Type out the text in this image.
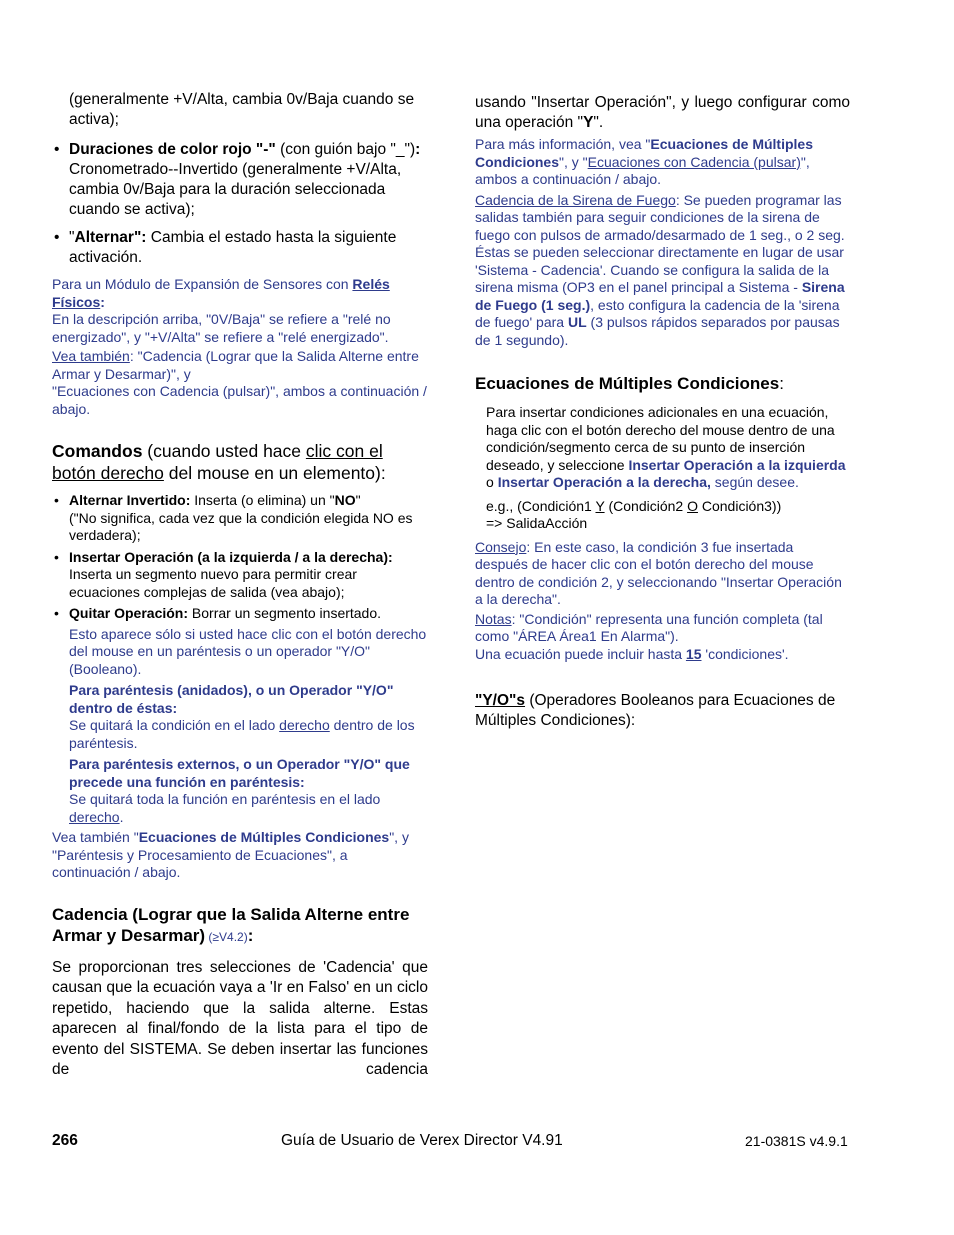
(generalmente +V/Alta, cambia 0v/Baja cuando se activa);

• Duraciones de color rojo "-" (con guión bajo "_"): Cronometrado--Invertido (generalmente +V/Alta, cambia 0v/Baja para la duración seleccionada cuando se activa);
• "Alternar": Cambia el estado hasta la siguiente activación.
Para un Módulo de Expansión de Sensores con Relés Físicos:
En la descripción arriba, "0V/Baja" se refiere a "relé no energizado", y "+V/Alta" se refiere a "relé energizado".
Vea también: "Cadencia (Lograr que la Salida Alterne entre Armar y Desarmar)", y
"Ecuaciones con Cadencia (pulsar)", ambos a continuación / abajo.

Comandos (cuando usted hace clic con el botón derecho del mouse en un elemento):

• Alternar Invertido: Inserta (o elimina) un "NO"
("No significa, cada vez que la condición elegida NO es verdadera);
• Insertar Operación (a la izquierda / a la derecha):
Inserta un segmento nuevo para permitir crear ecuaciones complejas de salida (vea abajo);
• Quitar Operación: Borrar un segmento insertado.
Esto aparece sólo si usted hace clic con el botón derecho del mouse en un paréntesis o un operador "Y/O" (Booleano).
Para paréntesis (anidados), o un Operador "Y/O" dentro de éstas:
Se quitará la condición en el lado derecho dentro de los paréntesis.
Para paréntesis externos, o un Operador "Y/O" que precede una función en paréntesis:
Se quitará toda la función en paréntesis en el lado derecho.
Vea también "Ecuaciones de Múltiples Condiciones", y "Paréntesis y Procesamiento de Ecuaciones", a continuación / abajo.

Cadencia (Lograr que la Salida Alterne entre Armar y Desarmar) (≥V4.2):

Se proporcionan tres selecciones de 'Cadencia' que causan que la ecuación vaya a 'Ir en Falso' en un ciclo repetido, haciendo que la salida alterne. Estas aparecen al final/fondo de la lista para el tipo de evento del SISTEMA. Se deben insertar las funciones de cadencia

usando "Insertar Operación", y luego configurar como una operación "Y".

Para más información, vea "Ecuaciones de Múltiples Condiciones", y "Ecuaciones con Cadencia (pulsar)", ambos a continuación / abajo.
Cadencia de la Sirena de Fuego: Se pueden programar las salidas también para seguir condiciones de la sirena de fuego con pulsos de armado/desarmado de 1 seg., o 2 seg. Éstas se pueden seleccionar directamente en lugar de usar 'Sistema - Cadencia'. Cuando se configura la salida de la sirena misma (OP3 en el panel principal a Sistema - Sirena de Fuego (1 seg.), esto configura la cadencia de la 'sirena de fuego' para UL (3 pulsos rápidos separados por pausas de 1 segundo).

Ecuaciones de Múltiples Condiciones:

Para insertar condiciones adicionales en una ecuación, haga clic con el botón derecho del mouse dentro de una condición/segmento cerca de su punto de inserción deseado, y seleccione Insertar Operación a la izquierda o Insertar Operación a la derecha, según desee.
e.g., (Condición1 Y (Condición2 O Condición3))
=> SalidaAcción
Consejo: En este caso, la condición 3 fue insertada después de hacer clic con el botón derecho del mouse dentro de condición 2, y seleccionando "Insertar Operación a la derecha".
Notas: "Condición" representa una función completa (tal como "ÁREA Área1 En Alarma").
Una ecuación puede incluir hasta 15 'condiciones'.

"Y/O"s (Operadores Booleanos para Ecuaciones de Múltiples Condiciones):

266	Guía de Usuario de Verex Director V4.91	21-0381S v4.9.1
